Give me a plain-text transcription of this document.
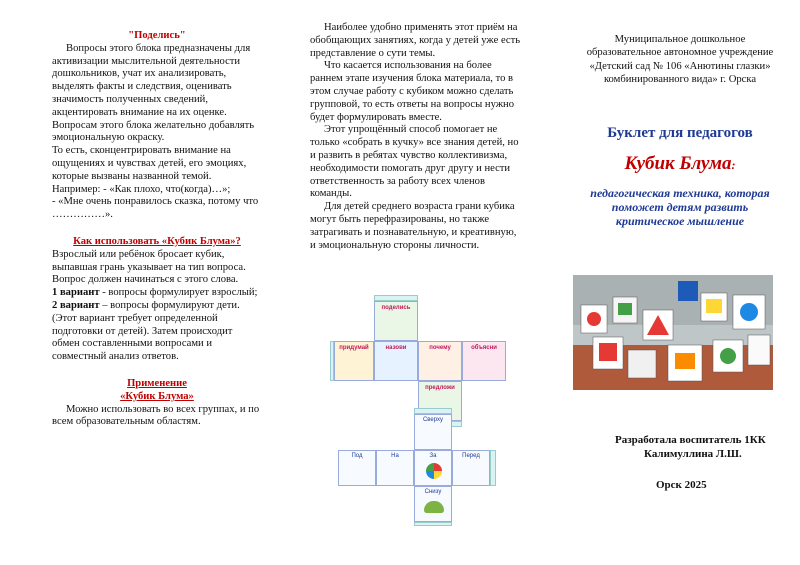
"Поделись"

Вопросы этого блока предназначены для активизации мыслительной деятельности дошкольников, учат их анализировать, выделять факты и следствия, оценивать значимость полученных сведений, акцентировать внимание на их оценке. Вопросам этого блока желательно добавлять эмоциональную окраску.

То есть, сконцентрировать внимание на ощущениях и чувствах детей, его эмоциях, которые вызваны названной темой.

Например: - «Как плохо, что(когда)…»;

- «Мне очень понравилось сказка, потому что ……………».

Как использовать «Кубик Блума»?

Взрослый или ребёнок бросает кубик, выпавшая грань указывает на тип вопроса.

Вопрос должен начинаться с этого слова.

1 вариант - вопросы формулирует взрослый;

2 вариант – вопросы формулируют дети. (Этот вариант требует определенной подготовки от детей). Затем происходит обмен составленными вопросами и совместный анализ ответов.

Применение

«Кубик Блума»

Можно использовать во всех группах, и по всем образовательным областям.

Наиболее удобно применять этот приём на обобщающих занятиях, когда у детей уже есть представление о сути темы.

Что касается использования на более раннем этапе изучения блока материала, то в этом случае работу с кубиком можно сделать групповой, то есть ответы на вопросы нужно будет формулировать вместе.

Этот упрощённый способ помогает не только «собрать в кучку» все знания детей, но и развить в ребятах чувство коллективизма, необходимости помогать друг другу и нести ответственность за работу всех членов команды.

Для детей среднего возраста грани кубика могут быть перефразированы, но также затрагивать и познавательную, и креативную, и эмоциональную стороны личности.

поделись
придумай	назови	почему	объясни
предложи
Сверху
Под	На	За	Перед
Снизу

Муниципальное дошкольное образовательное автономное учреждение «Детский сад № 106 «Анютины глазки» комбинированного вида» г. Орска

Буклет для педагогов

Кубик Блума:

педагогическая техника, которая поможет детям развить критическое мышление

Разработала воспитатель 1КК

Калимуллина Л.Ш.

Орск 2025
